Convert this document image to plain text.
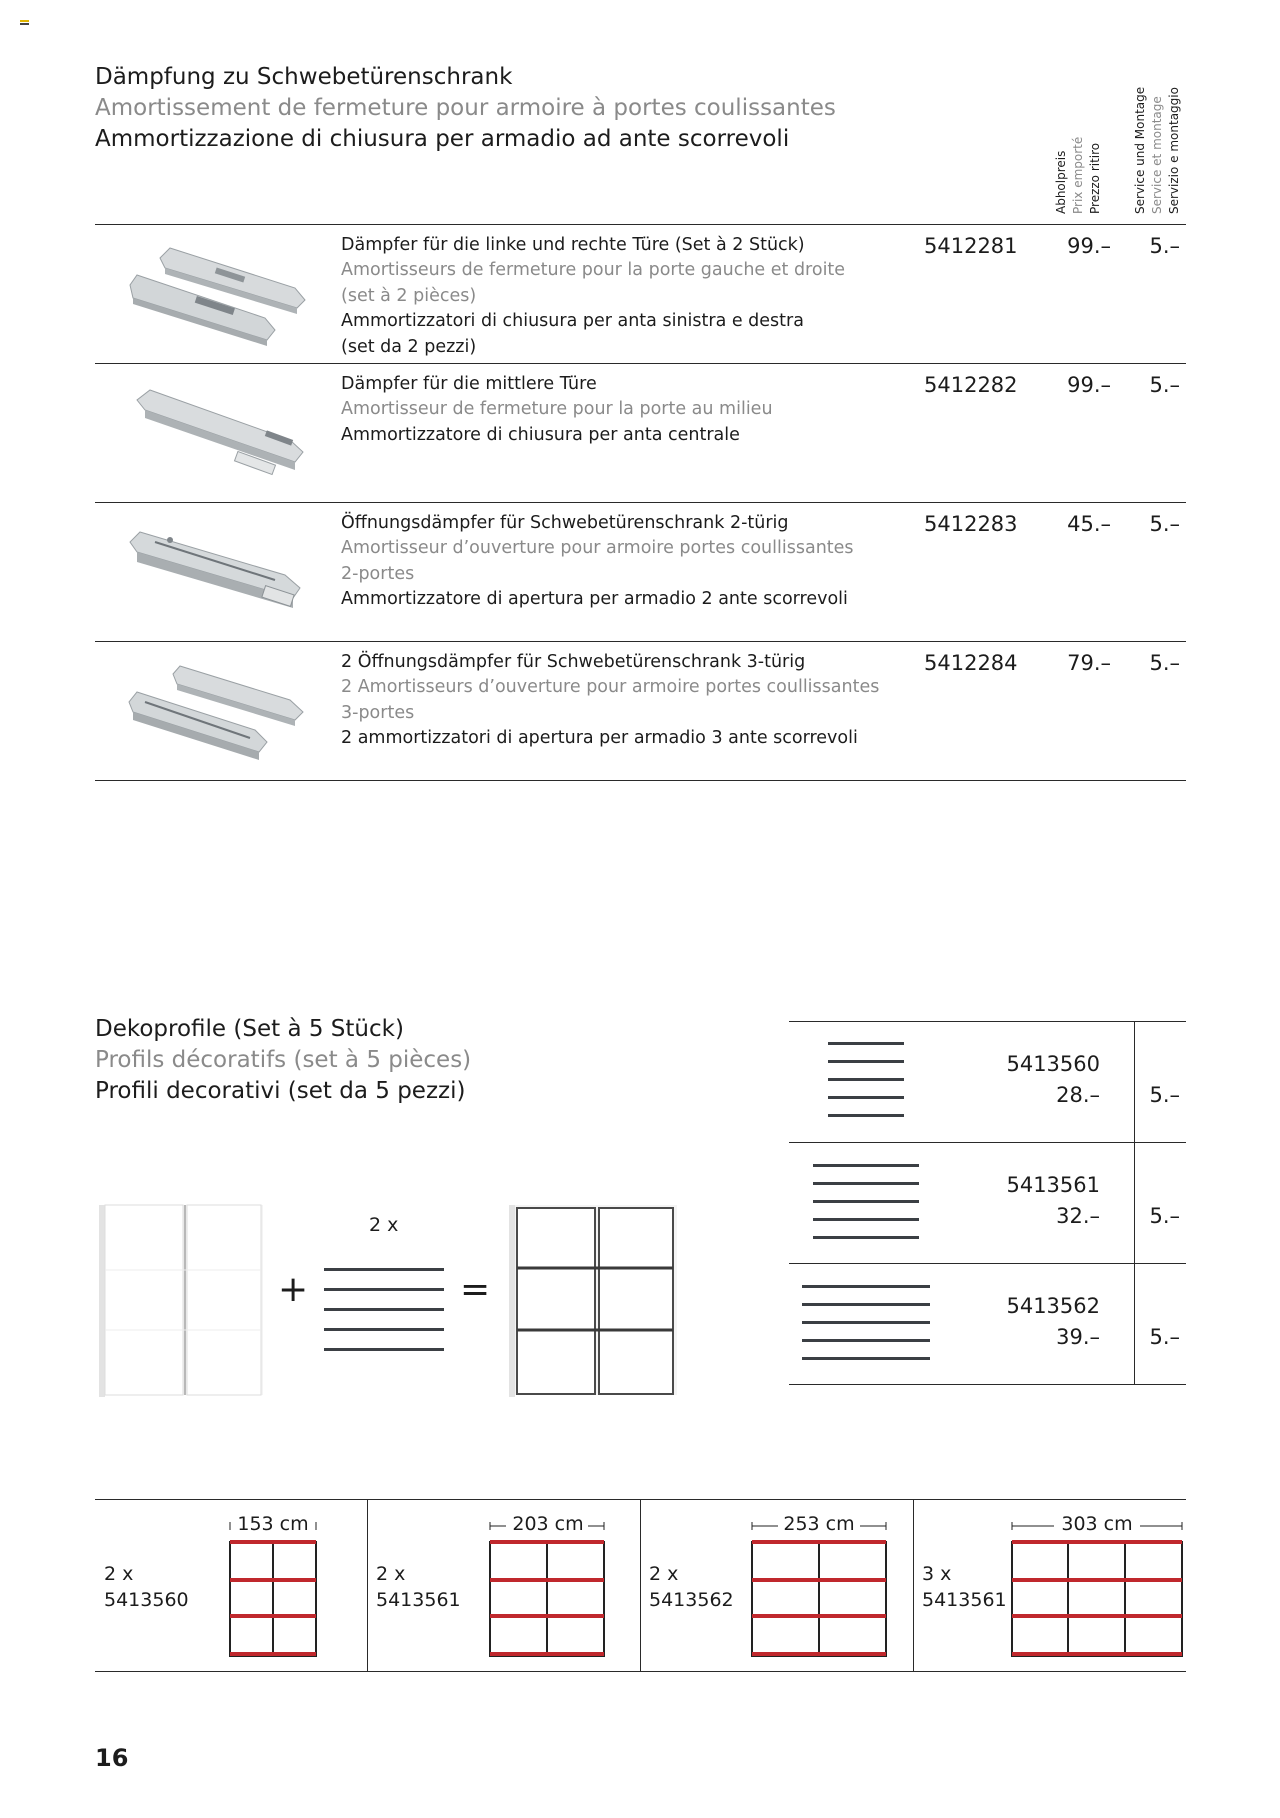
Dämpfung zu Schwebetürenschrank
Amortissement de fermeture pour armoire à portes coulissantes
Ammortizzazione di chiusura per armadio ad ante scorrevoli
Abholpreis Prix emporté Prezzo ritiro	Service und Montage Service et montage Servizio e montaggio
Dämpfer für die linke und rechte Türe (Set à 2 Stück)
Amortisseurs de fermeture pour la porte gauche et droite
(set à 2 pièces)
Ammortizzatori di chiusura per anta sinistra e destra
(set da 2 pezzi)
5412281	99.–	5.–
Dämpfer für die mittlere Türe
Amortisseur de fermeture pour la porte au milieu
Ammortizzatore di chiusura per anta centrale
5412282	99.–	5.–
Öffnungsdämpfer für Schwebetürenschrank 2-türig
Amortisseur d’ouverture pour armoire portes coullissantes
2-portes
Ammortizzatore di apertura per armadio 2 ante scorrevoli
5412283	45.–	5.–
2 Öffnungsdämpfer für Schwebetürenschrank 3-türig
2 Amortisseurs d’ouverture pour armoire portes coullissantes
3-portes
2 ammortizzatori di apertura per armadio 3 ante scorrevoli
5412284	79.–	5.–
Dekoprofile (Set à 5 Stück)
Profils décoratifs (set à 5 pièces)
Profili decorativi (set da 5 pezzi)
+
2 x
=
5413560
28.–	5.–
5413561
32.–	5.–
5413562
39.–	5.–
2 x
5413560
153 cm
2 x
5413561
203 cm
2 x
5413562
253 cm
3 x
5413561
303 cm
16
